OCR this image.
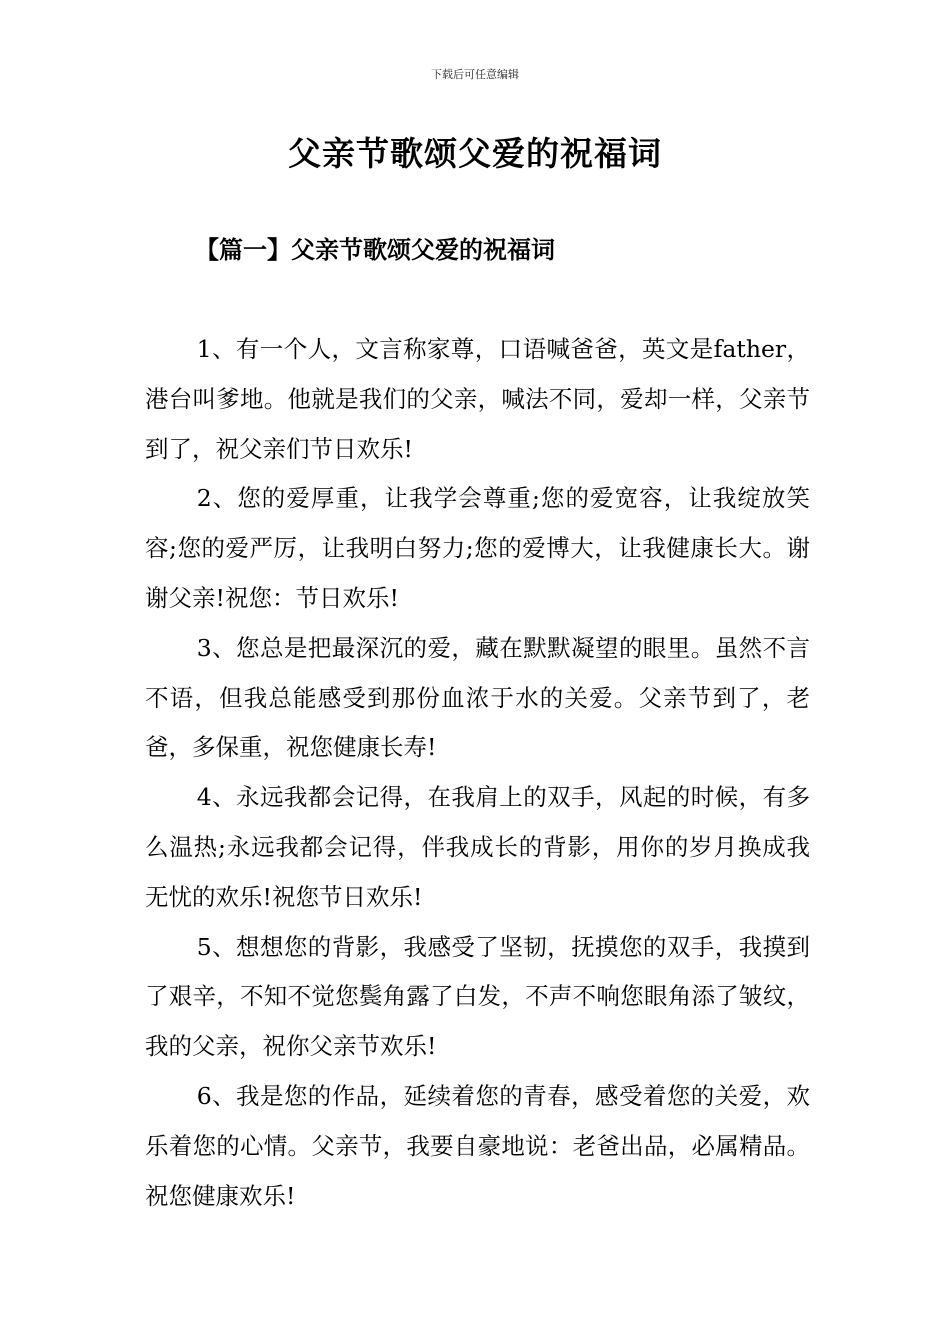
下载后可任意编辑
父亲节歌颂父爱的祝福词
【篇一】父亲节歌颂父爱的祝福词

1、有一个人，文言称家尊，口语喊爸爸，英文是father，港台叫爹地。他就是我们的父亲，喊法不同，爱却一样，父亲节到了，祝父亲们节日欢乐!

2、您的爱厚重，让我学会尊重;您的爱宽容，让我绽放笑容;您的爱严厉，让我明白努力;您的爱博大，让我健康长大。谢谢父亲!祝您：节日欢乐!

3、您总是把最深沉的爱，藏在默默凝望的眼里。虽然不言不语，但我总能感受到那份血浓于水的关爱。父亲节到了，老爸，多保重，祝您健康长寿!

4、永远我都会记得，在我肩上的双手，风起的时候，有多么温热;永远我都会记得，伴我成长的背影，用你的岁月换成我无忧的欢乐!祝您节日欢乐!

5、想想您的背影，我感受了坚韧，抚摸您的双手，我摸到了艰辛，不知不觉您鬓角露了白发，不声不响您眼角添了皱纹，我的父亲，祝你父亲节欢乐!

6、我是您的作品，延续着您的青春，感受着您的关爱，欢乐着您的心情。父亲节，我要自豪地说：老爸出品，必属精品。祝您健康欢乐!
